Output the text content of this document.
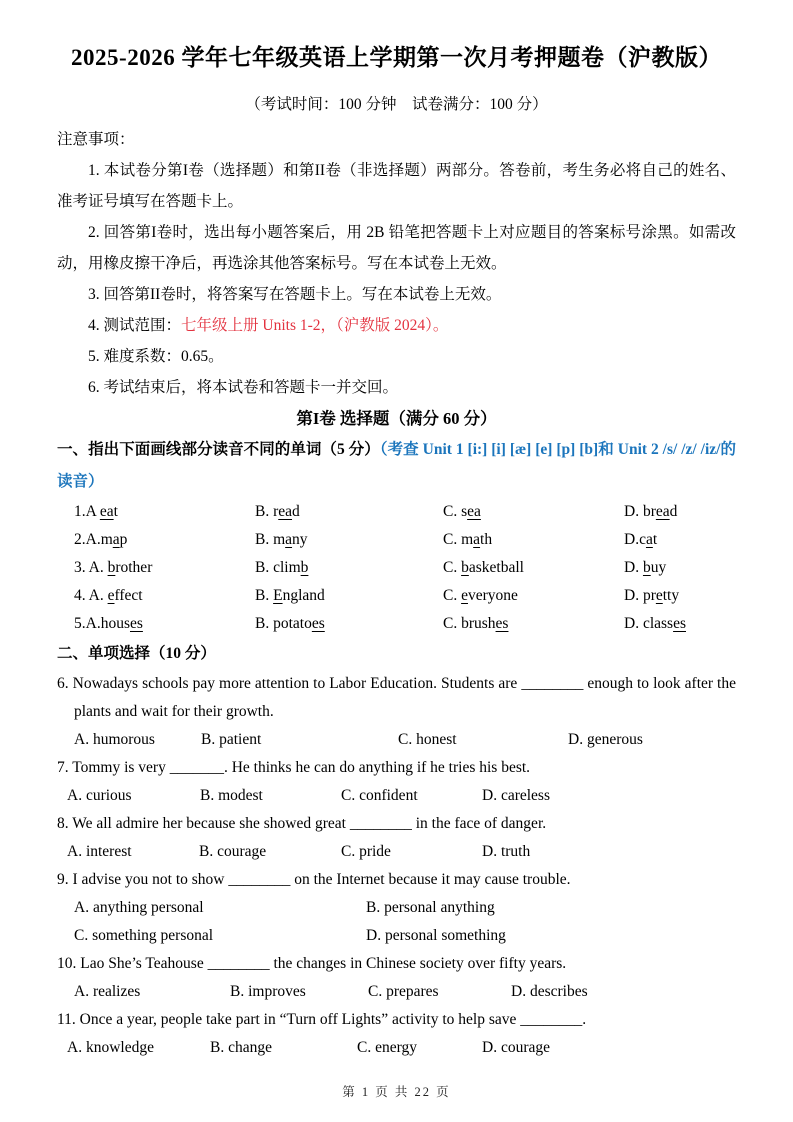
2025-2026 学年七年级英语上学期第一次月考押题卷（沪教版）
（考试时间：100 分钟　试卷满分：100 分）

注意事项：

1. 本试卷分第I卷（选择题）和第II卷（非选择题）两部分。答卷前，考生务必将自己的姓名、准考证号填写在答题卡上。

2. 回答第I卷时，选出每小题答案后，用 2B 铅笔把答题卡上对应题目的答案标号涂黑。如需改动，用橡皮擦干净后，再选涂其他答案标号。写在本试卷上无效。

3. 回答第II卷时，将答案写在答题卡上。写在本试卷上无效。

4. 测试范围：七年级上册 Units 1-2，（沪教版 2024）。

5. 难度系数：0.65。

6. 考试结束后，将本试卷和答题卡一并交回。

第I卷 选择题（满分 60 分）

一、指出下面画线部分读音不同的单词（5 分）（考查 Unit 1 [i:] [i] [æ] [e] [p] [b]和 Unit 2 /s/ /z/ /iz/的读音）

1.A eat	B. read	C. sea	D. bread
2.A.map	B. many	C. math	D.cat
3. A. brother	B. climb	C. basketball	D. buy
4. A. effect	B. England	C. everyone	D. pretty
5.A.houses	B. potatoes	C. brushes	D. classes

二、单项选择（10 分）

6. Nowadays schools pay more attention to Labor Education. Students are ________ enough to look after the plants and wait for their growth.

A. humorous	B. patient	C. honest	D. generous

7. Tommy is very _______. He thinks he can do anything if he tries his best.

A. curious	B. modest	C. confident	D. careless

8. We all admire her because she showed great ________ in the face of danger.

A. interest	B. courage	C. pride	D. truth

9. I advise you not to show ________ on the Internet because it may cause trouble.

A. anything personal	B. personal anything
C. something personal	D. personal something

10. Lao She’s Teahouse ________ the changes in Chinese society over fifty years.

A. realizes	B. improves	C. prepares	D. describes

11. Once a year, people take part in “Turn off Lights” activity to help save ________.

A. knowledge	B. change	C. energy	D. courage
第 1 页 共 22 页
